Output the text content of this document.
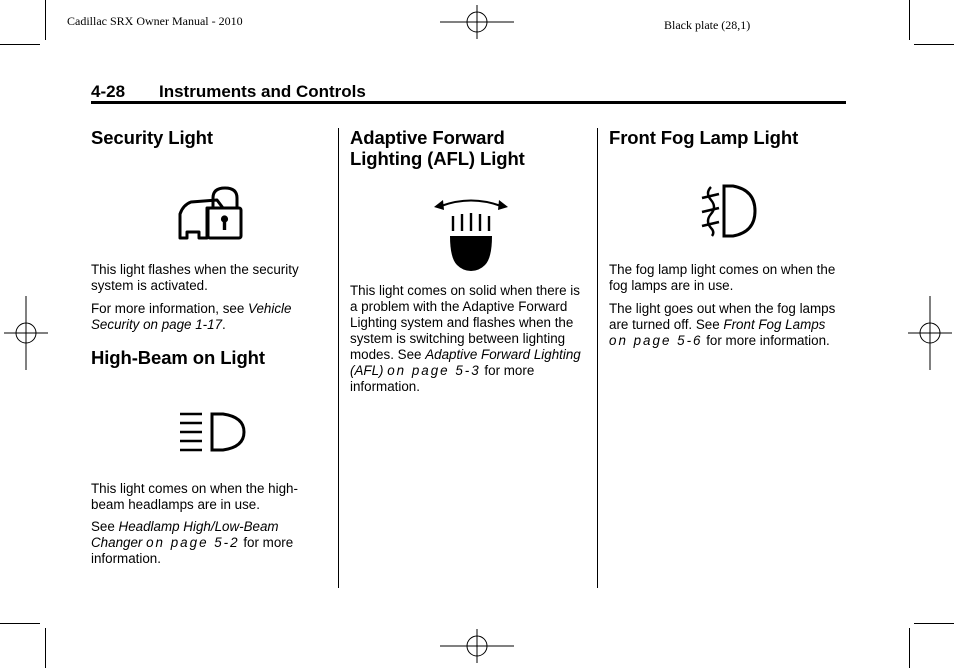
Cadillac SRX Owner Manual - 2010	Black plate (28,1)
4-28 Instruments and Controls
Security Light

This light flashes when the security system is activated.

For more information, see Vehicle Security on page 1-17.

High-Beam on Light

This light comes on when the high-beam headlamps are in use.

See Headlamp High/Low-Beam Changer on page 5-2 for more information.

Adaptive Forward
Lighting (AFL) Light

This light comes on solid when there is a problem with the Adaptive Forward Lighting system and flashes when the system is switching between lighting modes. See Adaptive Forward Lighting (AFL) on page 5-3 for more information.

Front Fog Lamp Light

The fog lamp light comes on when the fog lamps are in use.

The light goes out when the fog lamps are turned off. See Front Fog Lamps on page 5-6 for more information.
